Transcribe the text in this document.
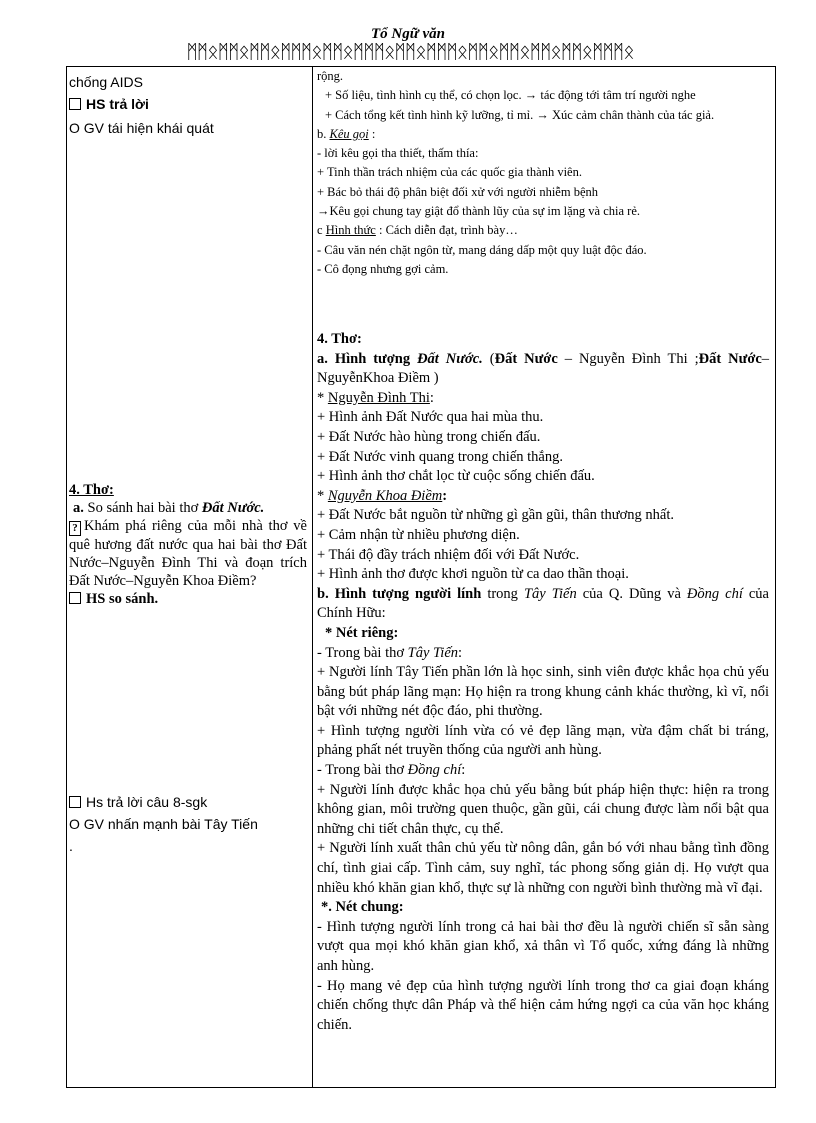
Tổ Ngữ văn
ᛗᛗᛟᛗᛗᛟᛗᛗᛟᛗᛗᛗᛟᛗᛗᛟᛗᛗᛗᛟᛗᛗᛟᛗᛗᛗᛟᛗᛗᛟᛗᛗᛟᛗᛗᛟᛗᛗᛟᛗᛗᛗᛟ
chống AIDS
HS trả lời
O GV tái hiện khái quát
4. Thơ:
a. So sánh hai bài thơ Đất Nước.
? Khám phá riêng của mỗi nhà thơ về quê hương đất nước qua hai bài thơ Đất Nước–Nguyễn Đình Thi và đoạn trích Đất Nước–Nguyễn Khoa Điềm?
HS so sánh.
Hs trả lời câu 8-sgk
O GV nhấn mạnh bài Tây Tiến
.
rộng.
+ Số liệu, tình hình cụ thể, có chọn lọc. → tác động tới tâm trí người nghe
+ Cách tổng kết tình hình kỹ lưỡng, tỉ mỉ. → Xúc cảm chân thành của tác giả.
b. Kêu gọi :
- lời kêu gọi tha thiết, thấm thía:
+ Tinh thần trách nhiệm của các quốc gia thành viên.
+ Bác bỏ thái độ phân biệt đối xử với người nhiễm bệnh
→Kêu gọi chung tay giật đổ thành lũy của sự im lặng và chia rẻ.
c Hình thức : Cách diễn đạt, trình bày…
- Câu văn nén chặt ngôn từ, mang dáng dấp một quy luật độc đáo.
- Cô đọng nhưng gợi cảm.
4. Thơ:
a. Hình tượng Đất Nước. (Đất Nước – Nguyễn Đình Thi ;Đất Nước–NguyễnKhoa Điềm )
* Nguyễn Đình Thi:
+ Hình ảnh Đất Nước qua hai mùa thu.
+ Đất Nước hào hùng trong chiến đấu.
+ Đất Nước vinh quang trong chiến thắng.
+ Hình ảnh thơ chắt lọc từ cuộc sống chiến đấu.
* Nguyễn Khoa Điềm:
+ Đất Nước bắt nguồn từ những gì gần gũi, thân thương nhất.
+ Cảm nhận từ nhiều phương diện.
+ Thái độ đầy trách nhiệm đối với Đất Nước.
+ Hình ảnh thơ được khơi nguồn từ ca dao thần thoại.
b. Hình tượng người lính trong Tây Tiến của Q. Dũng và Đồng chí của Chính Hữu:
* Nét riêng:
- Trong bài thơ Tây Tiến:
+ Người lính Tây Tiến phần lớn là học sinh, sinh viên được khắc họa chủ yếu bằng bút pháp lãng mạn: Họ hiện ra trong khung cảnh khác thường, kì vĩ, nổi bật với những nét độc đáo, phi thường.
+ Hình tượng người lính vừa có vẻ đẹp lãng mạn, vừa đậm chất bi tráng, phảng phất nét truyền thống của người anh hùng.
- Trong bài thơ Đồng chí:
+ Người lính được khắc họa chủ yếu bằng bút pháp hiện thực: hiện ra trong không gian, môi trường quen thuộc, gần gũi, cái chung được làm nổi bật qua những chi tiết chân thực, cụ thể.
+ Người lính xuất thân chủ yếu từ nông dân, gắn bó với nhau bằng tình đồng chí, tình giai cấp. Tình cảm, suy nghĩ, tác phong sống giản dị. Họ vượt qua nhiều khó khăn gian khổ, thực sự là những con người bình thường mà vĩ đại.
*. Nét chung:
- Hình tượng người lính trong cả hai bài thơ đều là người chiến sĩ sẵn sàng vượt qua mọi khó khăn gian khổ, xả thân vì Tổ quốc, xứng đáng là những anh hùng.
- Họ mang vẻ đẹp của hình tượng người lính trong thơ ca giai đoạn kháng chiến chống thực dân Pháp và thể hiện cảm hứng ngợi ca của văn học kháng chiến.
